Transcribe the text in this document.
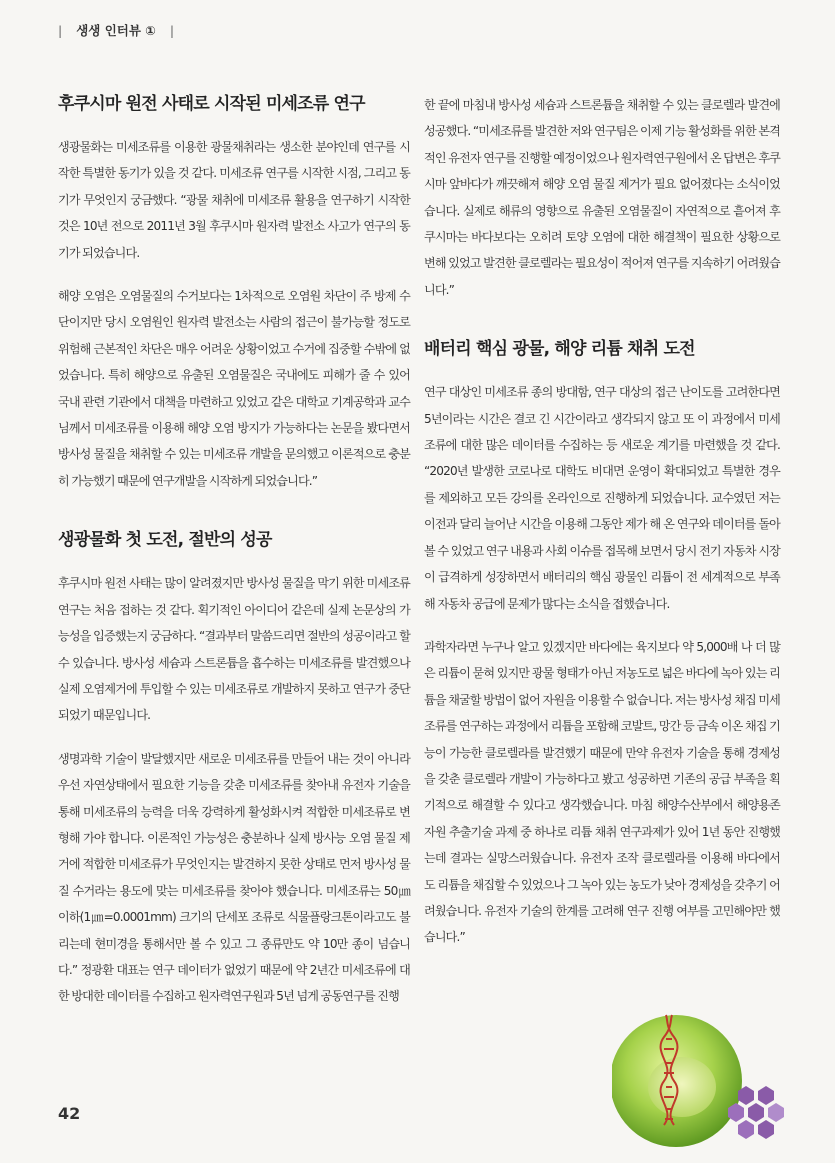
| 생생 인터뷰 ① |
후쿠시마 원전 사태로 시작된 미세조류 연구

생광물화는 미세조류를 이용한 광물채취라는 생소한 분야인데 연구를 시작한 특별한 동기가 있을 것 같다. 미세조류 연구를 시작한 시점, 그리고 동기가 무엇인지 궁금했다. “광물 채취에 미세조류 활용을 연구하기 시작한 것은 10년 전으로 2011년 3월 후쿠시마 원자력 발전소 사고가 연구의 동기가 되었습니다.

해양 오염은 오염물질의 수거보다는 1차적으로 오염원 차단이 주 방제 수단이지만 당시 오염원인 원자력 발전소는 사람의 접근이 불가능할 정도로 위험해 근본적인 차단은 매우 어려운 상황이었고 수거에 집중할 수밖에 없었습니다. 특히 해양으로 유출된 오염물질은 국내에도 피해가 줄 수 있어 국내 관련 기관에서 대책을 마련하고 있었고 같은 대학교 기계공학과 교수님께서 미세조류를 이용해 해양 오염 방지가 가능하다는 논문을 봤다면서 방사성 물질을 채취할 수 있는 미세조류 개발을 문의했고 이론적으로 충분히 가능했기 때문에 연구개발을 시작하게 되었습니다.”

생광물화 첫 도전, 절반의 성공

후쿠시마 원전 사태는 많이 알려졌지만 방사성 물질을 막기 위한 미세조류 연구는 처음 접하는 것 같다. 획기적인 아이디어 같은데 실제 논문상의 가능성을 입증했는지 궁금하다. “결과부터 말씀드리면 절반의 성공이라고 할 수 있습니다. 방사성 세슘과 스트론튬을 흡수하는 미세조류를 발견했으나 실제 오염제거에 투입할 수 있는 미세조류로 개발하지 못하고 연구가 중단되었기 때문입니다.

생명과학 기술이 발달했지만 새로운 미세조류를 만들어 내는 것이 아니라 우선 자연상태에서 필요한 기능을 갖춘 미세조류를 찾아내 유전자 기술을 통해 미세조류의 능력을 더욱 강력하게 활성화시켜 적합한 미세조류로 변형해 가야 합니다. 이론적인 가능성은 충분하나 실제 방사능 오염 물질 제거에 적합한 미세조류가 무엇인지는 발견하지 못한 상태로 먼저 방사성 물질 수거라는 용도에 맞는 미세조류를 찾아야 했습니다. 미세조류는 50㎛ 이하(1㎛=0.0001mm) 크기의 단세포 조류로 식물플랑크톤이라고도 불리는데 현미경을 통해서만 볼 수 있고 그 종류만도 약 10만 종이 넘습니다.” 정광환 대표는 연구 데이터가 없었기 때문에 약 2년간 미세조류에 대한 방대한 데이터를 수집하고 원자력연구원과 5년 넘게 공동연구를 진행

한 끝에 마침내 방사성 세슘과 스트론튬을 채취할 수 있는 클로렐라 발견에 성공했다. “미세조류를 발견한 저와 연구팀은 이제 기능 활성화를 위한 본격적인 유전자 연구를 진행할 예정이었으나 원자력연구원에서 온 답변은 후쿠시마 앞바다가 깨끗해져 해양 오염 물질 제거가 필요 없어졌다는 소식이었습니다. 실제로 해류의 영향으로 유출된 오염물질이 자연적으로 흩어져 후쿠시마는 바다보다는 오히려 토양 오염에 대한 해결책이 필요한 상황으로 변해 있었고 발견한 클로렐라는 필요성이 적어져 연구를 지속하기 어려웠습니다.”

배터리 핵심 광물, 해양 리튬 채취 도전

연구 대상인 미세조류 종의 방대함, 연구 대상의 접근 난이도를 고려한다면 5년이라는 시간은 결코 긴 시간이라고 생각되지 않고 또 이 과정에서 미세조류에 대한 많은 데이터를 수집하는 등 새로운 계기를 마련했을 것 같다. “2020년 발생한 코로나로 대학도 비대면 운영이 확대되었고 특별한 경우를 제외하고 모든 강의를 온라인으로 진행하게 되었습니다. 교수였던 저는 이전과 달리 늘어난 시간을 이용해 그동안 제가 해 온 연구와 데이터를 돌아볼 수 있었고 연구 내용과 사회 이슈를 접목해 보면서 당시 전기 자동차 시장이 급격하게 성장하면서 배터리의 핵심 광물인 리튬이 전 세계적으로 부족해 자동차 공급에 문제가 많다는 소식을 접했습니다.

과학자라면 누구나 알고 있겠지만 바다에는 육지보다 약 5,000배 나 더 많은 리튬이 묻혀 있지만 광물 형태가 아닌 저농도로 넓은 바다에 녹아 있는 리튬을 채굴할 방법이 없어 자원을 이용할 수 없습니다. 저는 방사성 채집 미세조류를 연구하는 과정에서 리튬을 포함해 코발트, 망간 등 금속 이온 채집 기능이 가능한 클로렐라를 발견했기 때문에 만약 유전자 기술을 통해 경제성을 갖춘 클로렐라 개발이 가능하다고 봤고 성공하면 기존의 공급 부족을 획기적으로 해결할 수 있다고 생각했습니다. 마침 해양수산부에서 해양용존 자원 추출기술 과제 중 하나로 리튬 채취 연구과제가 있어 1년 동안 진행했는데 결과는 실망스러웠습니다. 유전자 조작 클로렐라를 이용해 바다에서도 리튬을 채집할 수 있었으나 그 녹아 있는 농도가 낮아 경제성을 갖추기 어려웠습니다. 유전자 기술의 한계를 고려해 연구 진행 여부를 고민해야만 했습니다.”

42
